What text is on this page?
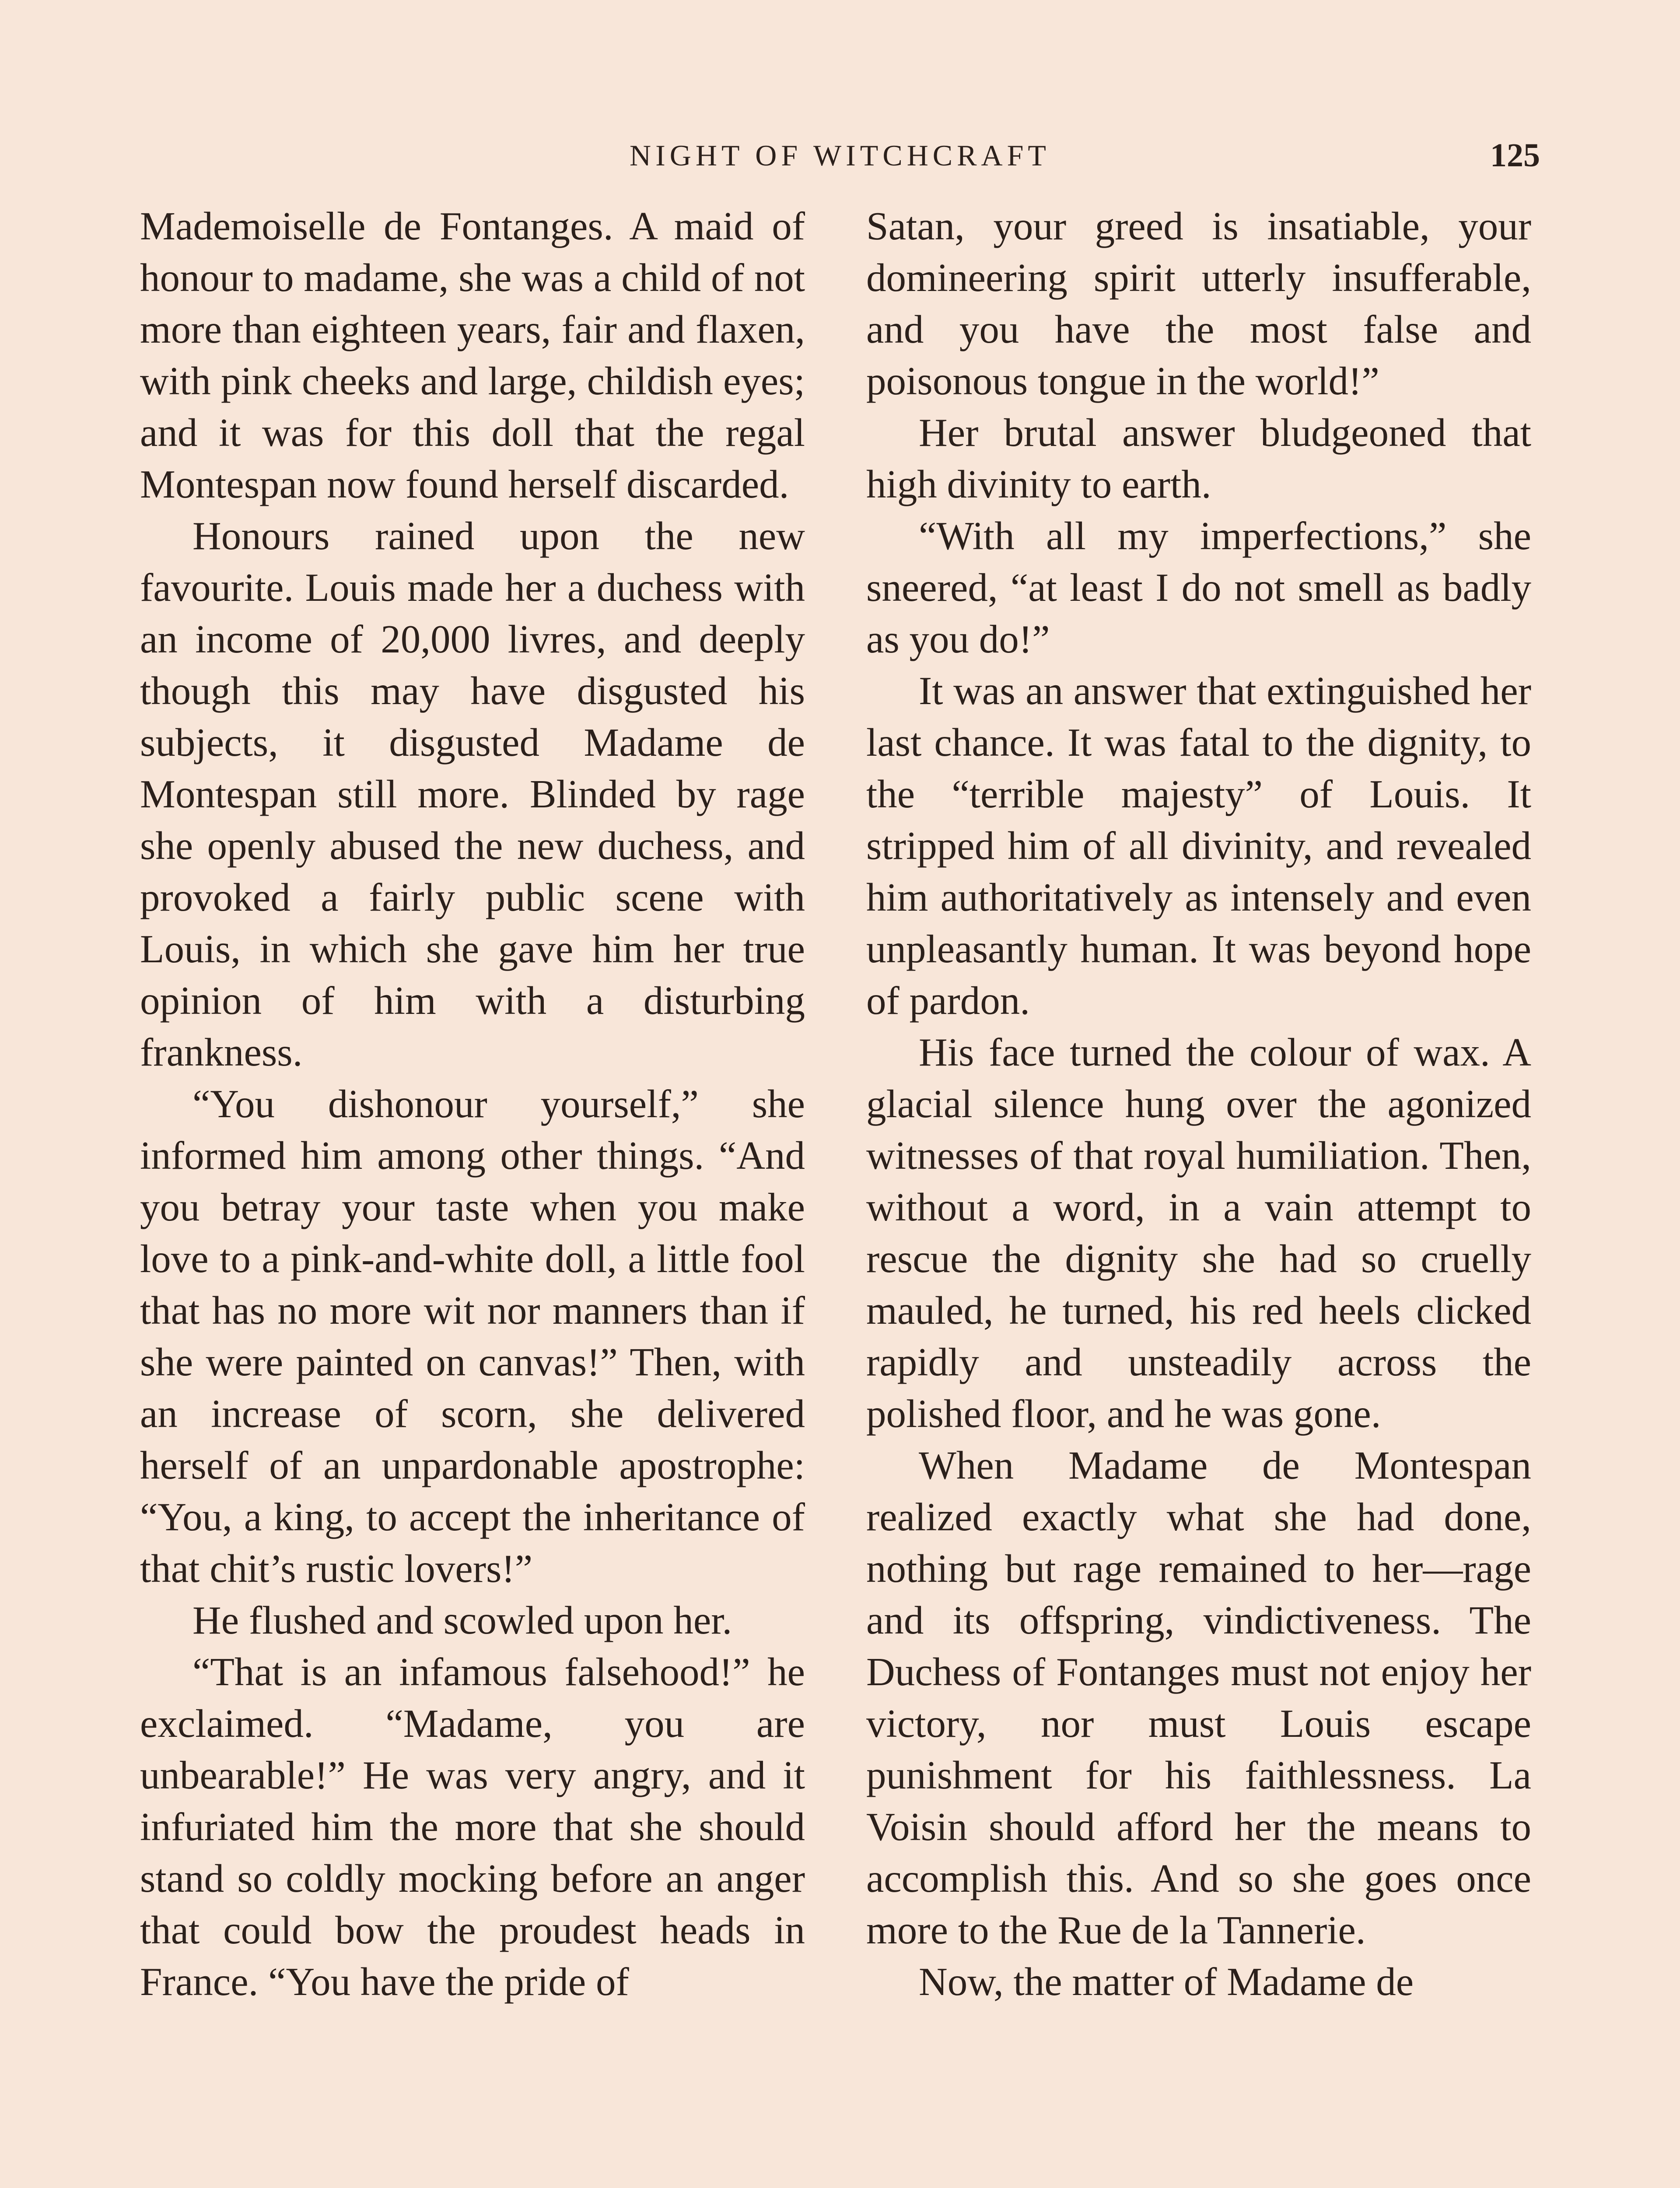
NIGHT OF WITCHCRAFT	125

Mademoiselle de Fontanges. A maid of honour to madame, she was a child of not more than eighteen years, fair and flaxen, with pink cheeks and large, childish eyes; and it was for this doll that the regal Montespan now found herself discarded.

Honours rained upon the new favourite. Louis made her a duchess with an income of 20,000 livres, and deeply though this may have disgusted his subjects, it disgusted Madame de Montespan still more. Blinded by rage she openly abused the new duchess, and provoked a fairly public scene with Louis, in which she gave him her true opinion of him with a disturbing frankness.

“You dishonour yourself,” she informed him among other things. “And you betray your taste when you make love to a pink-and-white doll, a little fool that has no more wit nor manners than if she were painted on canvas!” Then, with an increase of scorn, she delivered herself of an unpardonable apostrophe: “You, a king, to accept the inheritance of that chit’s rustic lovers!”

He flushed and scowled upon her.

“That is an infamous falsehood!” he exclaimed. “Madame, you are unbearable!” He was very angry, and it infuriated him the more that she should stand so coldly mocking before an anger that could bow the proudest heads in France. “You have the pride of

Satan, your greed is insatiable, your domineering spirit utterly insufferable, and you have the most false and poisonous tongue in the world!”

Her brutal answer bludgeoned that high divinity to earth.

“With all my imperfections,” she sneered, “at least I do not smell as badly as you do!”

It was an answer that extinguished her last chance. It was fatal to the dignity, to the “terrible majesty” of Louis. It stripped him of all divinity, and revealed him authoritatively as intensely and even unpleasantly human. It was beyond hope of pardon.

His face turned the colour of wax. A glacial silence hung over the agonized witnesses of that royal humiliation. Then, without a word, in a vain attempt to rescue the dignity she had so cruelly mauled, he turned, his red heels clicked rapidly and unsteadily across the polished floor, and he was gone.

When Madame de Montespan realized exactly what she had done, nothing but rage remained to her—rage and its offspring, vindictiveness. The Duchess of Fontanges must not enjoy her victory, nor must Louis escape punishment for his faithlessness. La Voisin should afford her the means to accomplish this. And so she goes once more to the Rue de la Tannerie.

Now, the matter of Madame de
